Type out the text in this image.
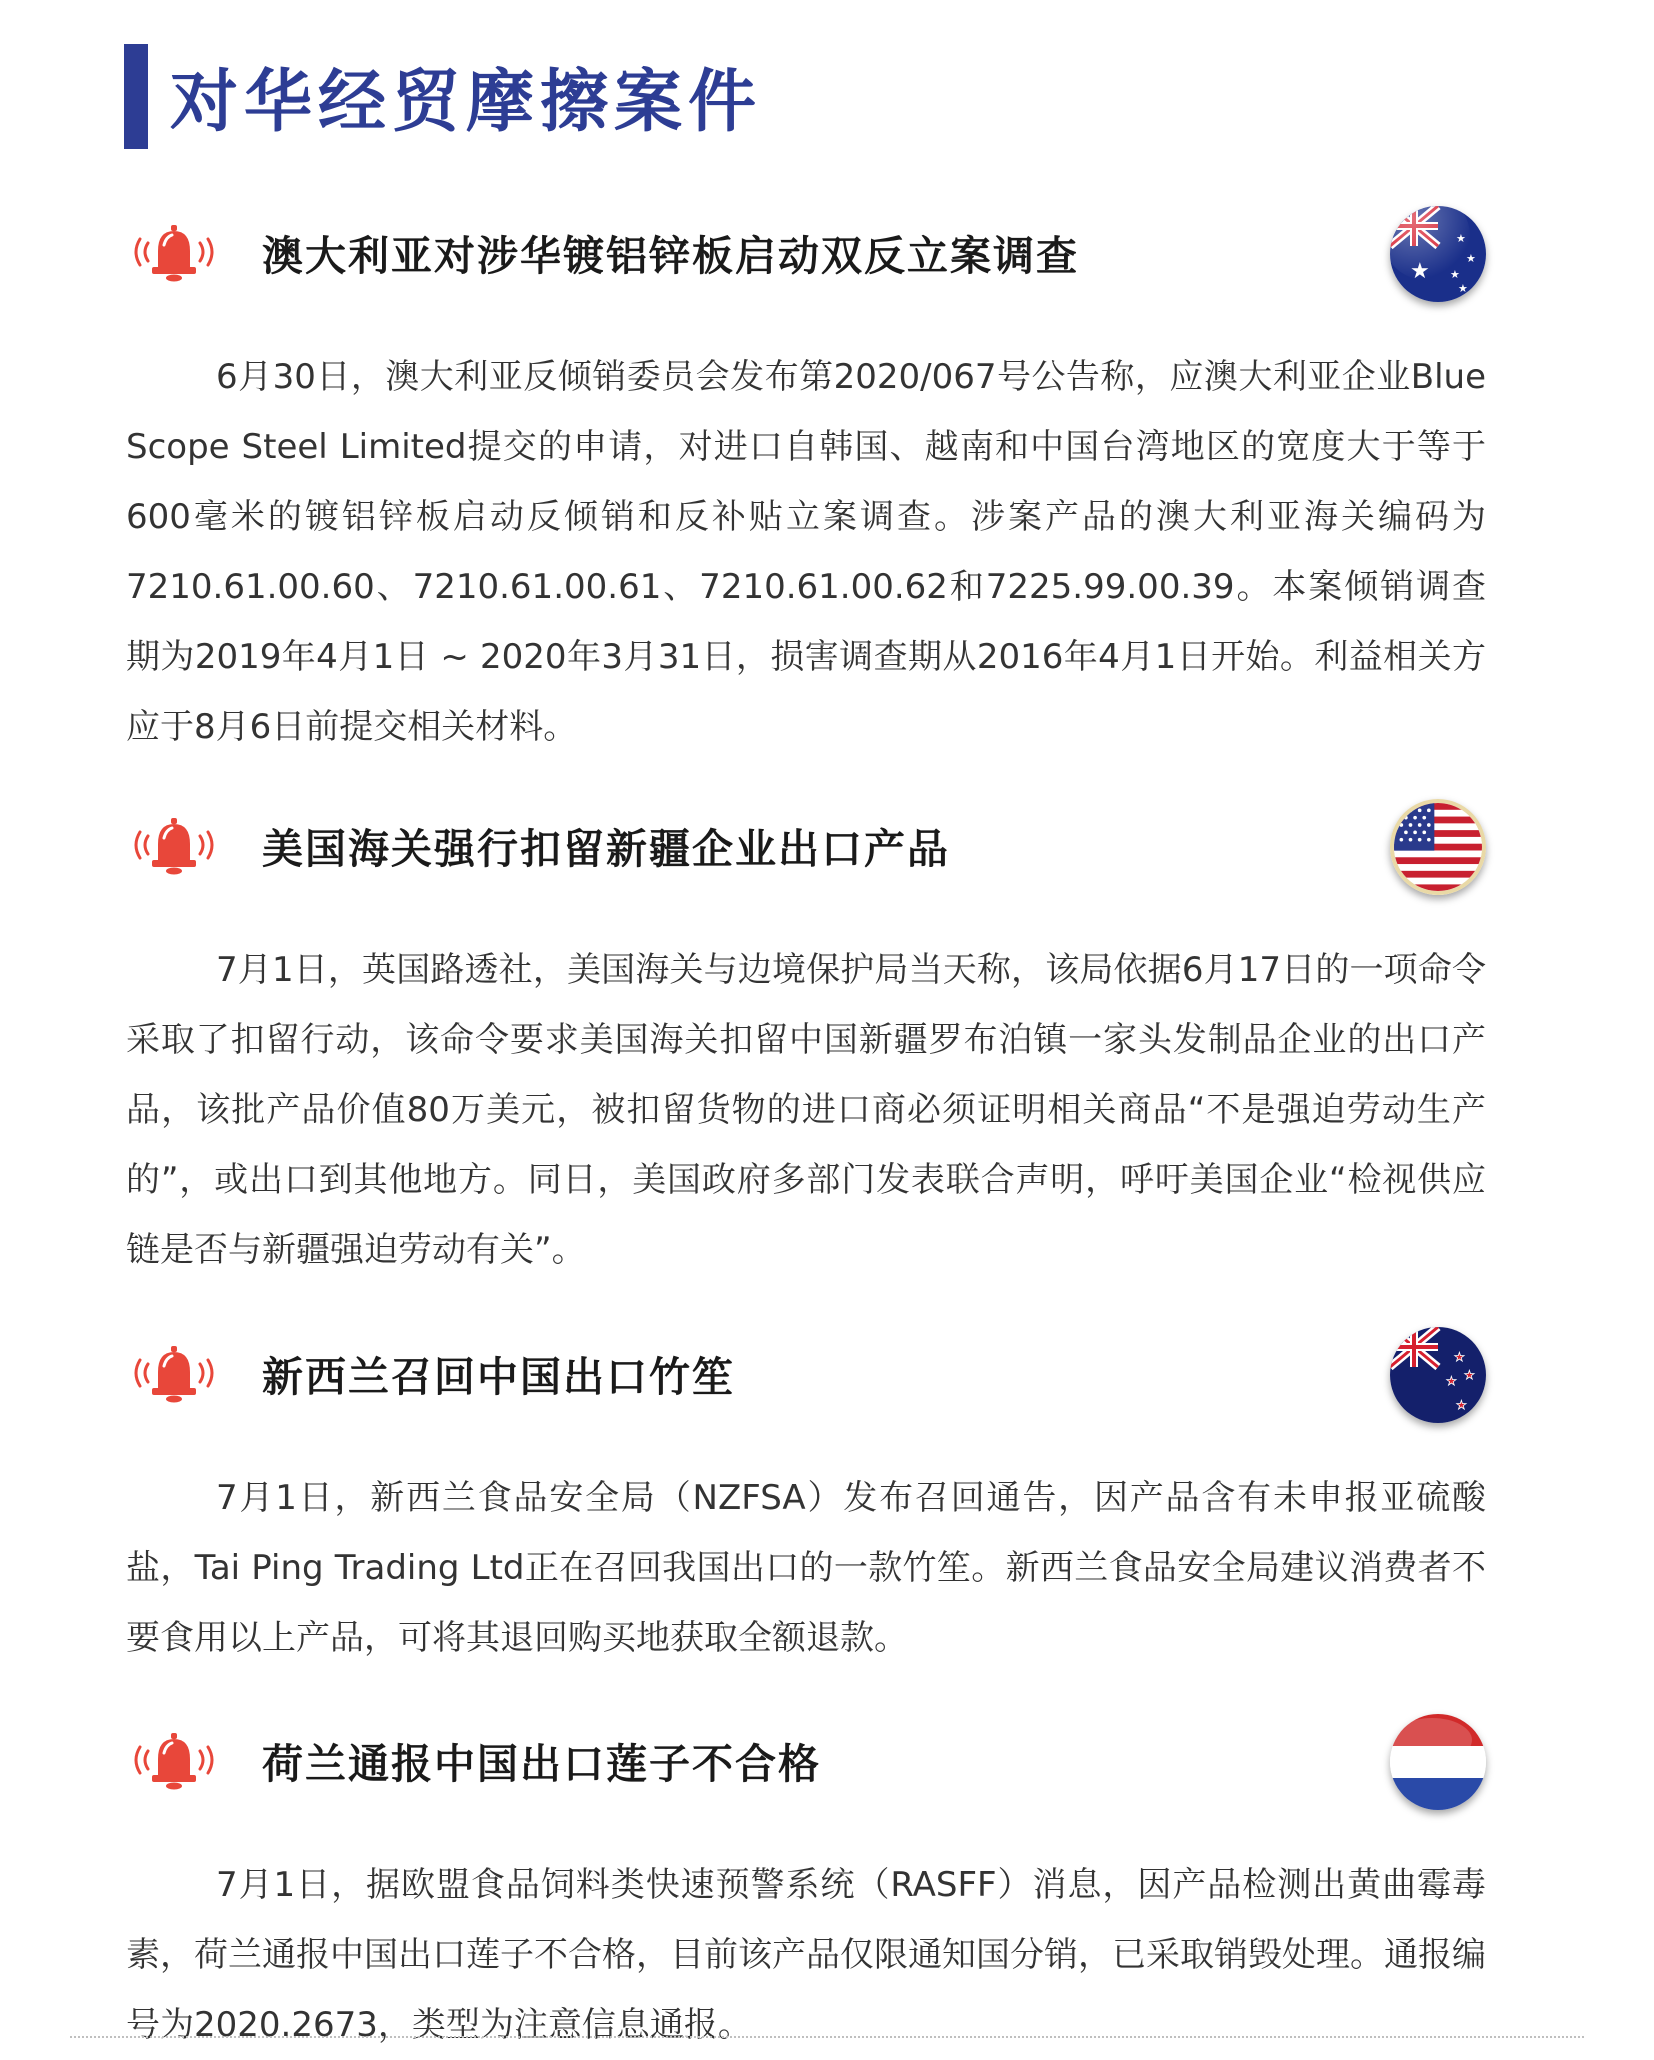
对华经贸摩擦案件
澳大利亚对涉华镀铝锌板启动双反立案调查	★
★
★
6月30日，澳大利亚反倾销委员会发布第2020/067号公告称，应澳大利亚企业Blue Scope Steel Limited提交的申请，对进口自韩国、越南和中国台湾地区的宽度大于等于600毫米的镀铝锌板启动反倾销和反补贴立案调查。涉案产品的澳大利亚海关编码为7210.61.00.60、7210.61.00.61、7210.61.00.62和7225.99.00.39。本案倾销调查期为2019年4月1日 ~ 2020年3月31日，损害调查期从2016年4月1日开始。利益相关方应于8月6日前提交相关材料。
美国海关强行扣留新疆企业出口产品
7月1日，英国路透社，美国海关与边境保护局当天称，该局依据6月17日的一项命令采取了扣留行动，该命令要求美国海关扣留中国新疆罗布泊镇一家头发制品企业的出口产品，该批产品价值80万美元，被扣留货物的进口商必须证明相关商品“不是强迫劳动生产的”，或出口到其他地方。同日，美国政府多部门发表联合声明，呼吁美国企业“检视供应链是否与新疆强迫劳动有关”。
新西兰召回中国出口竹笙	★
★
★
★
7月1日，新西兰食品安全局（NZFSA）发布召回通告，因产品含有未申报亚硫酸盐，Tai Ping Trading Ltd正在召回我国出口的一款竹笙。新西兰食品安全局建议消费者不要食用以上产品，可将其退回购买地获取全额退款。
荷兰通报中国出口莲子不合格
7月1日，据欧盟食品饲料类快速预警系统（RASFF）消息，因产品检测出黄曲霉毒素，荷兰通报中国出口莲子不合格，目前该产品仅限通知国分销，已采取销毁处理。通报编号为2020.2673，类型为注意信息通报。
